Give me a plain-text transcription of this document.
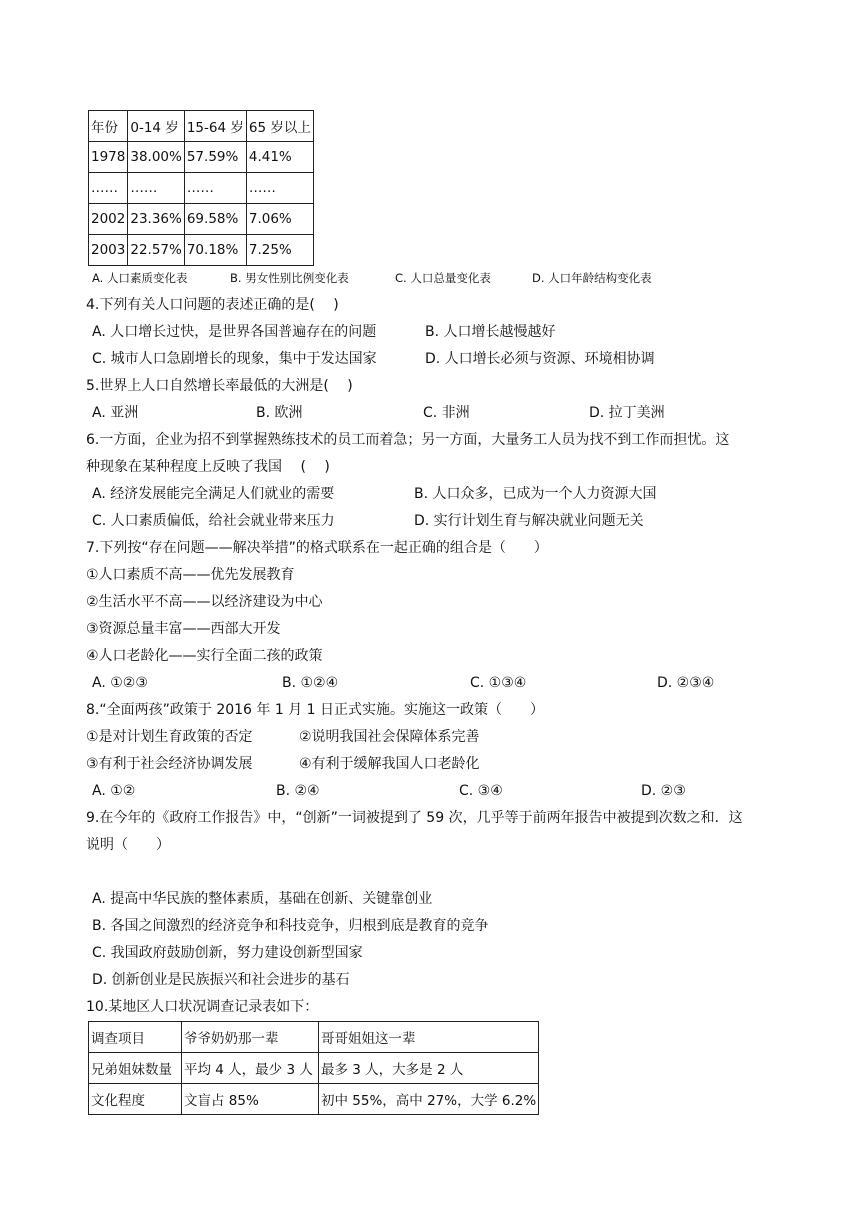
年份	0-14 岁	15-64 岁	65 岁以上
1978	38.00%	57.59%	4.41%
……	……	……	……
2002	23.36%	69.58%	7.06%
2003	22.57%	70.18%	7.25%
A. 人口素质变化表	B. 男女性别比例变化表	C. 人口总量变化表	D. 人口年龄结构变化表
4.下列有关人口问题的表述正确的是(　 )
A. 人口增长过快，是世界各国普遍存在的问题	B. 人口增长越慢越好
C. 城市人口急剧增长的现象，集中于发达国家	D. 人口增长必须与资源、环境相协调
5.世界上人口自然增长率最低的大洲是(　 )
A. 亚洲	B. 欧洲	C. 非洲	D. 拉丁美洲
6.一方面，企业为招不到掌握熟练技术的员工而着急；另一方面，大量务工人员为找不到工作而担忧。这
种现象在某种程度上反映了我国　 (　 )
A. 经济发展能完全满足人们就业的需要	B. 人口众多，已成为一个人力资源大国
C. 人口素质偏低，给社会就业带来压力	D. 实行计划生育与解决就业问题无关
7.下列按“存在问题——解决举措”的格式联系在一起正确的组合是（　　）
①人口素质不高——优先发展教育
②生活水平不高——以经济建设为中心
③资源总量丰富——西部大开发
④人口老龄化——实行全面二孩的政策
A. ①②③	B. ①②④	C. ①③④	D. ②③④
8.“全面两孩”政策于 2016 年 1 月 1 日正式实施。实施这一政策（　　）
①是对计划生育政策的否定	②说明我国社会保障体系完善
③有利于社会经济协调发展	④有利于缓解我国人口老龄化
A. ①②	B. ②④	C. ③④	D. ②③
9.在今年的《政府工作报告》中，“创新”一词被提到了 59 次，几乎等于前两年报告中被提到次数之和．这
说明（　　）
A. 提高中华民族的整体素质，基础在创新、关键靠创业
B. 各国之间激烈的经济竞争和科技竞争，归根到底是教育的竞争
C. 我国政府鼓励创新，努力建设创新型国家
D. 创新创业是民族振兴和社会进步的基石
10.某地区人口状况调查记录表如下：
调查项目	爷爷奶奶那一辈	哥哥姐姐这一辈
兄弟姐妹数量	平均 4 人，最少 3 人	最多 3 人，大多是 2 人
文化程度	文盲占 85%	初中 55%，高中 27%，大学 6.2%
